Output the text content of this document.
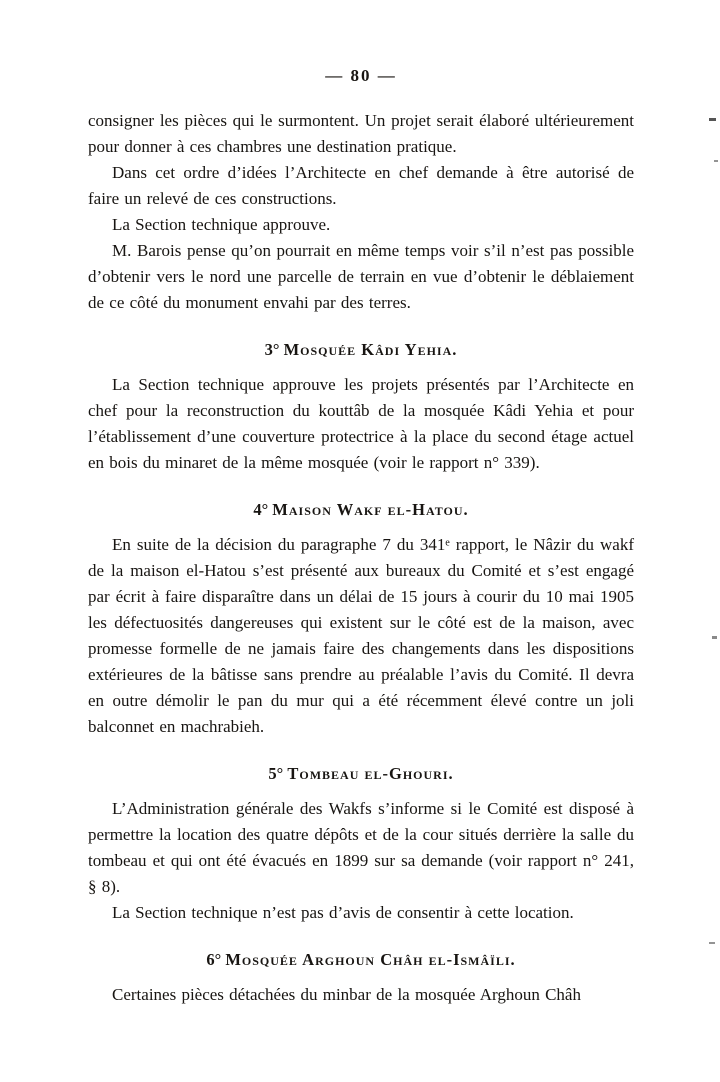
— 80 —

consigner les pièces qui le surmontent. Un projet serait élaboré ultérieurement pour donner à ces chambres une destination pratique.

Dans cet ordre d’idées l’Architecte en chef demande à être autorisé de faire un relevé de ces constructions.

La Section technique approuve.

M. Barois pense qu’on pourrait en même temps voir s’il n’est pas possible d’obtenir vers le nord une parcelle de terrain en vue d’obtenir le déblaiement de ce côté du monument envahi par des terres.

3° Mosquée Kâdi Yehia.

La Section technique approuve les projets présentés par l’Architecte en chef pour la reconstruction du kouttâb de la mosquée Kâdi Yehia et pour l’établissement d’une couverture protectrice à la place du second étage actuel en bois du minaret de la même mosquée (voir le rapport n° 339).

4° Maison Wakf el-Hatou.

En suite de la décision du paragraphe 7 du 341ᵉ rapport, le Nâzir du wakf de la maison el-Hatou s’est présenté aux bureaux du Comité et s’est engagé par écrit à faire disparaître dans un délai de 15 jours à courir du 10 mai 1905 les défectuosités dangereuses qui existent sur le côté est de la maison, avec promesse formelle de ne jamais faire des changements dans les dispositions extérieures de la bâtisse sans prendre au préalable l’avis du Comité. Il devra en outre démolir le pan du mur qui a été récemment élevé contre un joli balconnet en machrabieh.

5° Tombeau el-Ghouri.

L’Administration générale des Wakfs s’informe si le Comité est disposé à permettre la location des quatre dépôts et de la cour situés derrière la salle du tombeau et qui ont été évacués en 1899 sur sa demande (voir rapport n° 241, § 8).

La Section technique n’est pas d’avis de consentir à cette location.

6° Mosquée Arghoun Châh el-Ismâïli.

Certaines pièces détachées du minbar de la mosquée Arghoun Châh
